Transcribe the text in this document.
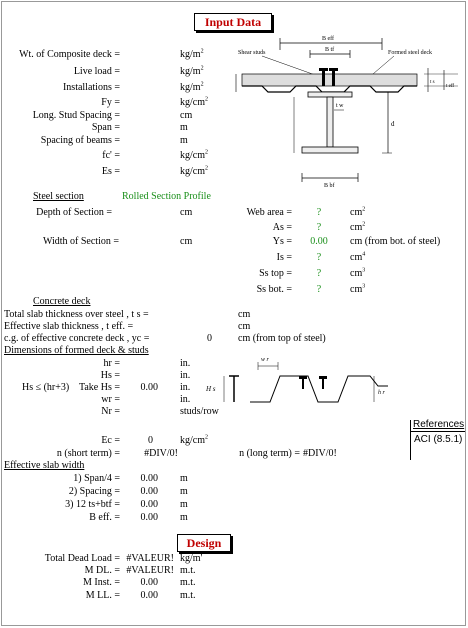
Input Data
Wt. of Composite deck =	$kg/m^2$
Live load =	$kg/m^2$
Installations =	$kg/m^2$
Fy =	$kg/cm^2$
Long. Stud Spacing =	cm
Span =	m
Spacing of beams =	m
fc' =	$kg/cm^2$
Es =	$kg/cm^2$
B eff
B tf
Shear studs	Formed steel deck
d
t w
B bf
t s
t eff
Steel section	Rolled Section Profile
Depth of Section =	cm
Width of Section =	cm
Web area =	?	$cm^2$
As =	?	$cm^2$
Ys =	0.00	cm (from bot. of steel)
Is =	?	$cm^4$
Ss top =	?	$cm^3$
Ss bot. =	?	$cm^3$
Concrete deck
Total slab thickness over steel , t s =	cm
Effective slab thickness , t eff. =	cm
c.g. of effective concrete deck , yc =	0	cm (from top of steel)
Dimensions of formed deck & studs
hr =	in.
Hs =	in.
Hs ≤ (hr+3) Take Hs = 0.00 in.
wr =	in.
Nr =	studs/row
H s
w r
h r
References
ACI (8.5.1)
Ec =	0	$kg/cm^2$
n (short term) = #DIV/0!	n (long term) = #DIV/0!
Effective slab width
1) Span/4 = 0.00 m
2) Spacing = 0.00 m
3) 12 ts+btf = 0.00 m
B eff. = 0.00 m
Design
Total Dead Load = #VALEUR! kg/m'
M DL. = #VALEUR! m.t.
M Inst. = 0.00 m.t.
M LL. = 0.00 m.t.
